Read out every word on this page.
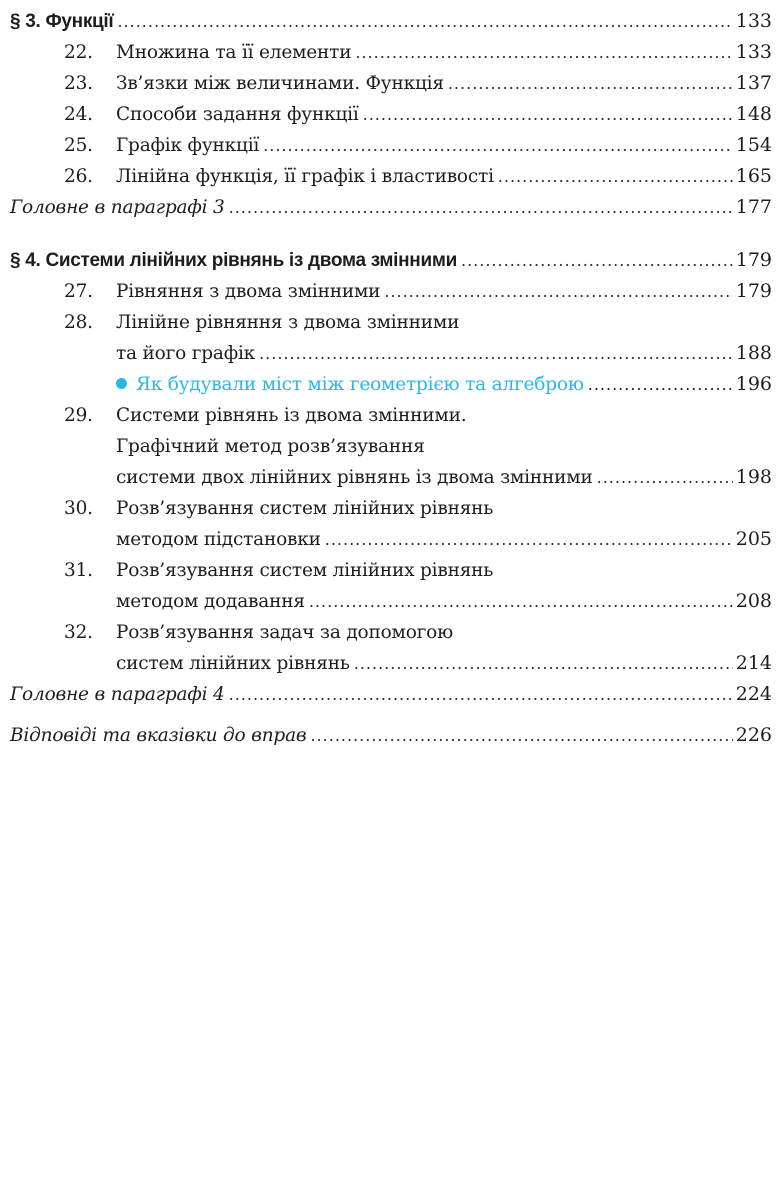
§ 3. Функції .....	133
22. Множина та її елементи .....	133
23. Зв’язки між величинами. Функція .....	137
24. Способи задання функції .....	148
25. Графік функції .....	154
26. Лінійна функція, її графік і властивості .....	165
Головне в параграфі 3 .....	177
§ 4. Системи лінійних рівнянь із двома змінними .....	179
27. Рівняння з двома змінними .....	179
28. Лінійне рівняння з двома змінними
та його графік .....	188
Як будували міст між геометрією та алгеброю .....	196
29. Системи рівнянь із двома змінними.
Графічний метод розв’язування
системи двох лінійних рівнянь із двома змінними .....	198
30. Розв’язування систем лінійних рівнянь
методом підстановки .....	205
31. Розв’язування систем лінійних рівнянь
методом додавання .....	208
32. Розв’язування задач за допомогою
систем лінійних рівнянь .....	214
Головне в параграфі 4 .....	224
Відповіді та вказівки до вправ .....	226
